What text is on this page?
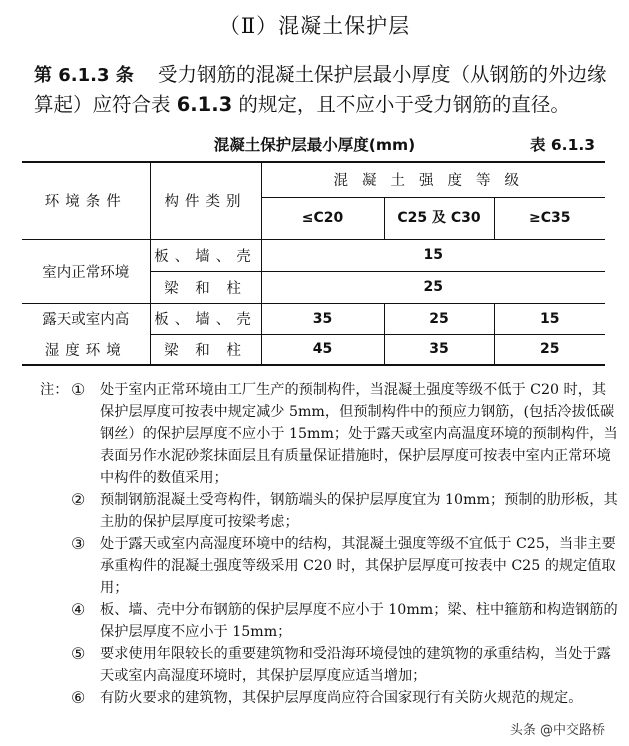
（Ⅱ）混凝土保护层
第 6.1.3 条 受力钢筋的混凝土保护层最小厚度（从钢筋的外边缘算起）应符合表 6.1.3 的规定，且不应小于受力钢筋的直径。
混凝土保护层最小厚度(mm)	表 6.1.3
环境条件	构件类别	混凝土强度等级		
		≤C20	C25 及 C30	≥C35
室内正常环境	板、墙、壳	15		
	梁 和 柱	25		
露天或室内高	板、墙、壳	35	25	15
湿度环境	梁 和 柱	45	35	25
注： ① 处于室内正常环境由工厂生产的预制构件，当混凝土强度等级不低于 C20 时，其保护层厚度可按表中规定减少 5mm，但预制构件中的预应力钢筋，(包括冷拔低碳钢丝）的保护层厚度不应小于 15mm；处于露天或室内高温度环境的预制构件，当表面另作水泥砂浆抹面层且有质量保证措施时，保护层厚度可按表中室内正常环境中构件的数值采用；
② 预制钢筋混凝土受弯构件，钢筋端头的保护层厚度宜为 10mm；预制的肋形板，其主肋的保护层厚度可按梁考虑；
③ 处于露天或室内高湿度环境中的结构，其混凝土强度等级不宜低于 C25，当非主要承重构件的混凝土强度等级采用 C20 时，其保护层厚度可按表中 C25 的规定值取用；
④ 板、墙、壳中分布钢筋的保护层厚度不应小于 10mm；梁、柱中箍筋和构造钢筋的保护层厚度不应小于 15mm；
⑤ 要求使用年限较长的重要建筑物和受沿海环境侵蚀的建筑物的承重结构，当处于露天或室内高湿度环境时，其保护层厚度应适当增加；
⑥ 有防火要求的建筑物，其保护层厚度尚应符合国家现行有关防火规范的规定。
头条 @中交路桥
